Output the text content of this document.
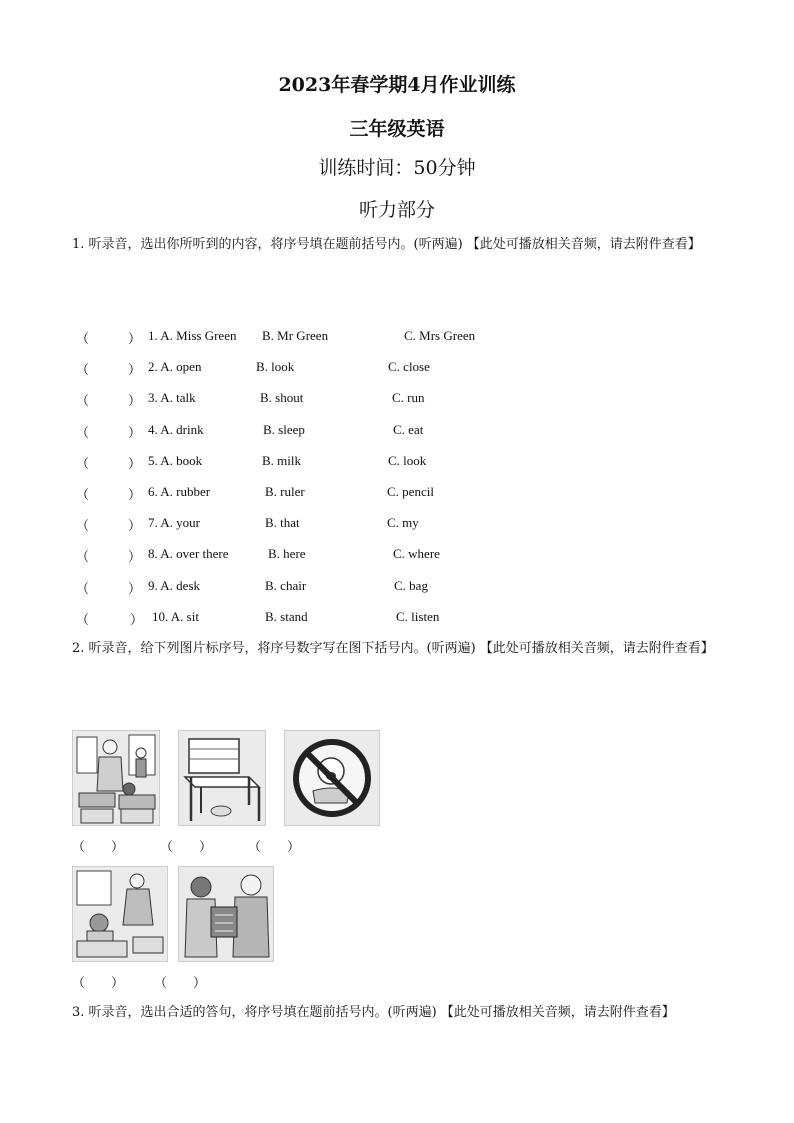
2023年春学期4月作业训练
三年级英语
训练时间：50分钟
听力部分
1. 听录音，选出你所听到的内容，将序号填在题前括号内。(听两遍) 【此处可播放相关音频，请去附件查看】
（	） 1. A. Miss Green B. Mr Green	C. Mrs Green
（	） 2. A. open	B. look	C. close
（	） 3. A. talk	B. shout	C. run
（	） 4. A. drink	B. sleep	C. eat
（	） 5. A. book	B. milk	C. look
（	） 6. A. rubber	B. ruler	C. pencil
（	） 7. A. your	B. that	C. my
（	） 8. A. over there	B. here	C. where
（	） 9. A. desk	B. chair	C. bag
（	） 10. A. sit	B. stand	C. listen
2. 听录音，给下列图片标序号，将序号数字写在图下括号内。(听两遍) 【此处可播放相关音频，请去附件查看】
（　　）	（　　）	（　　）
（　　） （　　）
3. 听录音，选出合适的答句，将序号填在题前括号内。(听两遍) 【此处可播放相关音频，请去附件查看】
